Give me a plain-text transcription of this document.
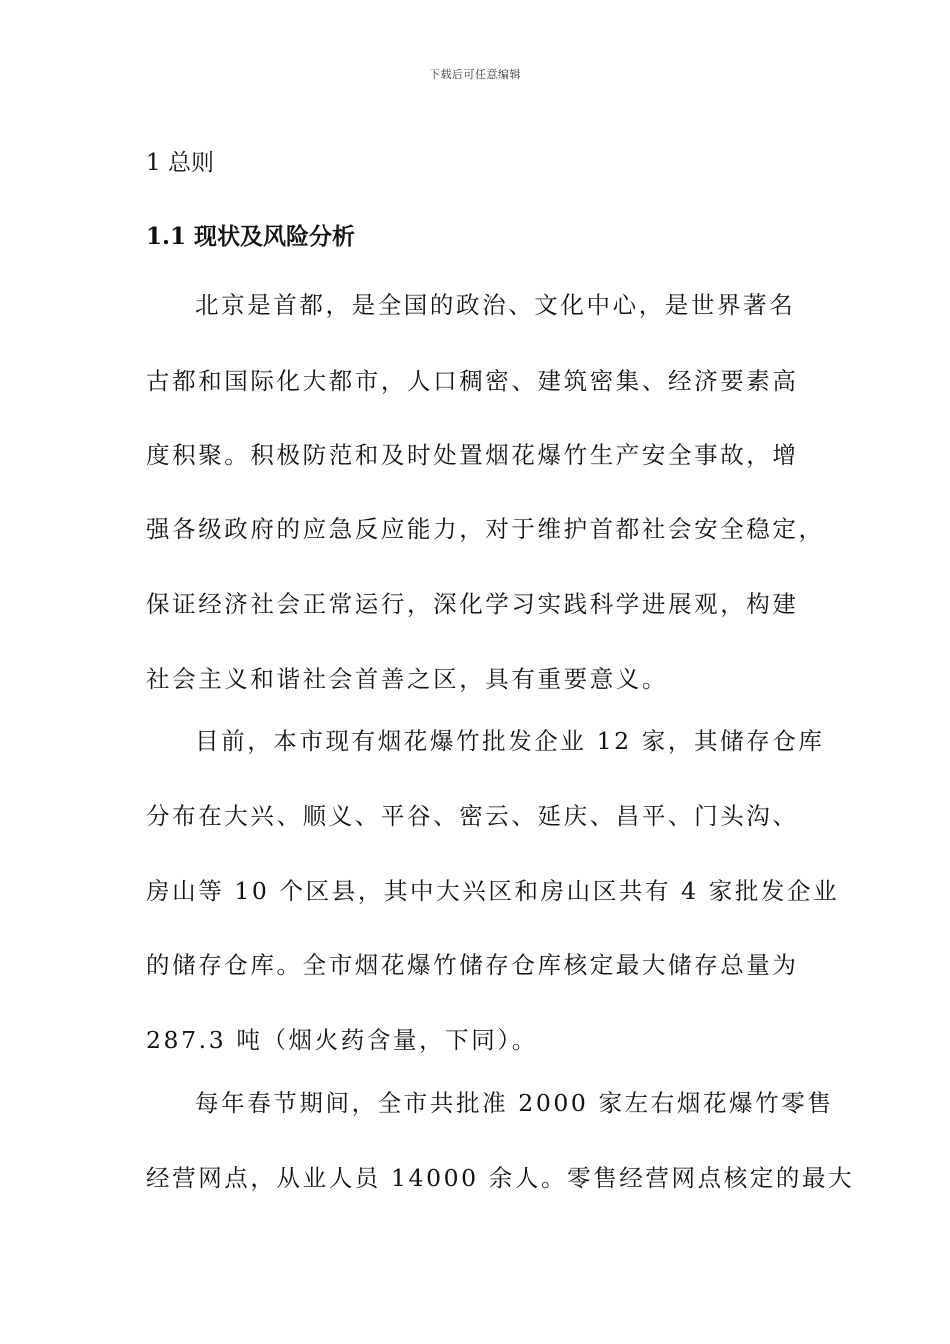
下载后可任意编辑
1 总则
1.1 现状及风险分析
北京是首都，是全国的政治、文化中心，是世界著名
古都和国际化大都市，人口稠密、建筑密集、经济要素高
度积聚。积极防范和及时处置烟花爆竹生产安全事故，增
强各级政府的应急反应能力，对于维护首都社会安全稳定，
保证经济社会正常运行，深化学习实践科学进展观，构建
社会主义和谐社会首善之区，具有重要意义。
目前，本市现有烟花爆竹批发企业 12 家，其储存仓库
分布在大兴、顺义、平谷、密云、延庆、昌平、门头沟、
房山等 10 个区县，其中大兴区和房山区共有 4 家批发企业
的储存仓库。全市烟花爆竹储存仓库核定最大储存总量为
287.3 吨（烟火药含量，下同）。
每年春节期间，全市共批准 2000 家左右烟花爆竹零售
经营网点，从业人员 14000 余人。零售经营网点核定的最大
